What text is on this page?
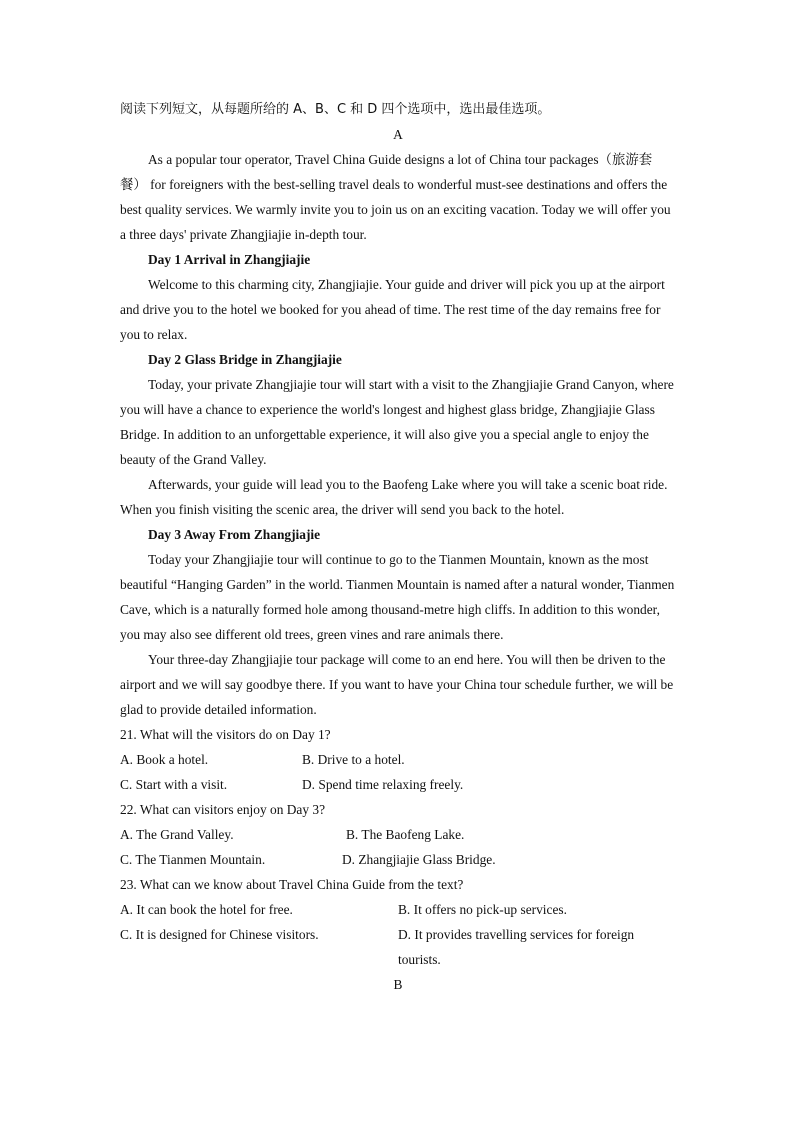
阅读下列短文，从每题所给的 A、B、C 和 D 四个选项中，选出最佳选项。

A

As a popular tour operator, Travel China Guide designs a lot of China tour packages（旅游套餐） for foreigners with the best-selling travel deals to wonderful must-see destinations and offers the best quality services. We warmly invite you to join us on an exciting vacation. Today we will offer you a three days' private Zhangjiajie in-depth tour.

Day 1 Arrival in Zhangjiajie

Welcome to this charming city, Zhangjiajie. Your guide and driver will pick you up at the airport and drive you to the hotel we booked for you ahead of time. The rest time of the day remains free for you to relax.

Day 2 Glass Bridge in Zhangjiajie

Today, your private Zhangjiajie tour will start with a visit to the Zhangjiajie Grand Canyon, where you will have a chance to experience the world's longest and highest glass bridge, Zhangjiajie Glass Bridge. In addition to an unforgettable experience, it will also give you a special angle to enjoy the beauty of the Grand Valley.

Afterwards, your guide will lead you to the Baofeng Lake where you will take a scenic boat ride.

When you finish visiting the scenic area, the driver will send you back to the hotel.

Day 3 Away From Zhangjiajie

Today your Zhangjiajie tour will continue to go to the Tianmen Mountain, known as the most beautiful “Hanging Garden” in the world. Tianmen Mountain is named after a natural wonder, Tianmen Cave, which is a naturally formed hole among thousand-metre high cliffs. In addition to this wonder, you may also see different old trees, green vines and rare animals there.

Your three-day Zhangjiajie tour package will come to an end here. You will then be driven to the airport and we will say goodbye there. If you want to have your China tour schedule further, we will be glad to provide detailed information.

21. What will the visitors do on Day 1?

A. Book a hotel.	B. Drive to a hotel.
C. Start with a visit.	D. Spend time relaxing freely.

22. What can visitors enjoy on Day 3?

A. The Grand Valley.	B. The Baofeng Lake.
C. The Tianmen Mountain.	D. Zhangjiajie Glass Bridge.

23. What can we know about Travel China Guide from the text?

A. It can book the hotel for free.	B. It offers no pick-up services.
C. It is designed for Chinese visitors.	D. It provides travelling services for foreign tourists.

B
